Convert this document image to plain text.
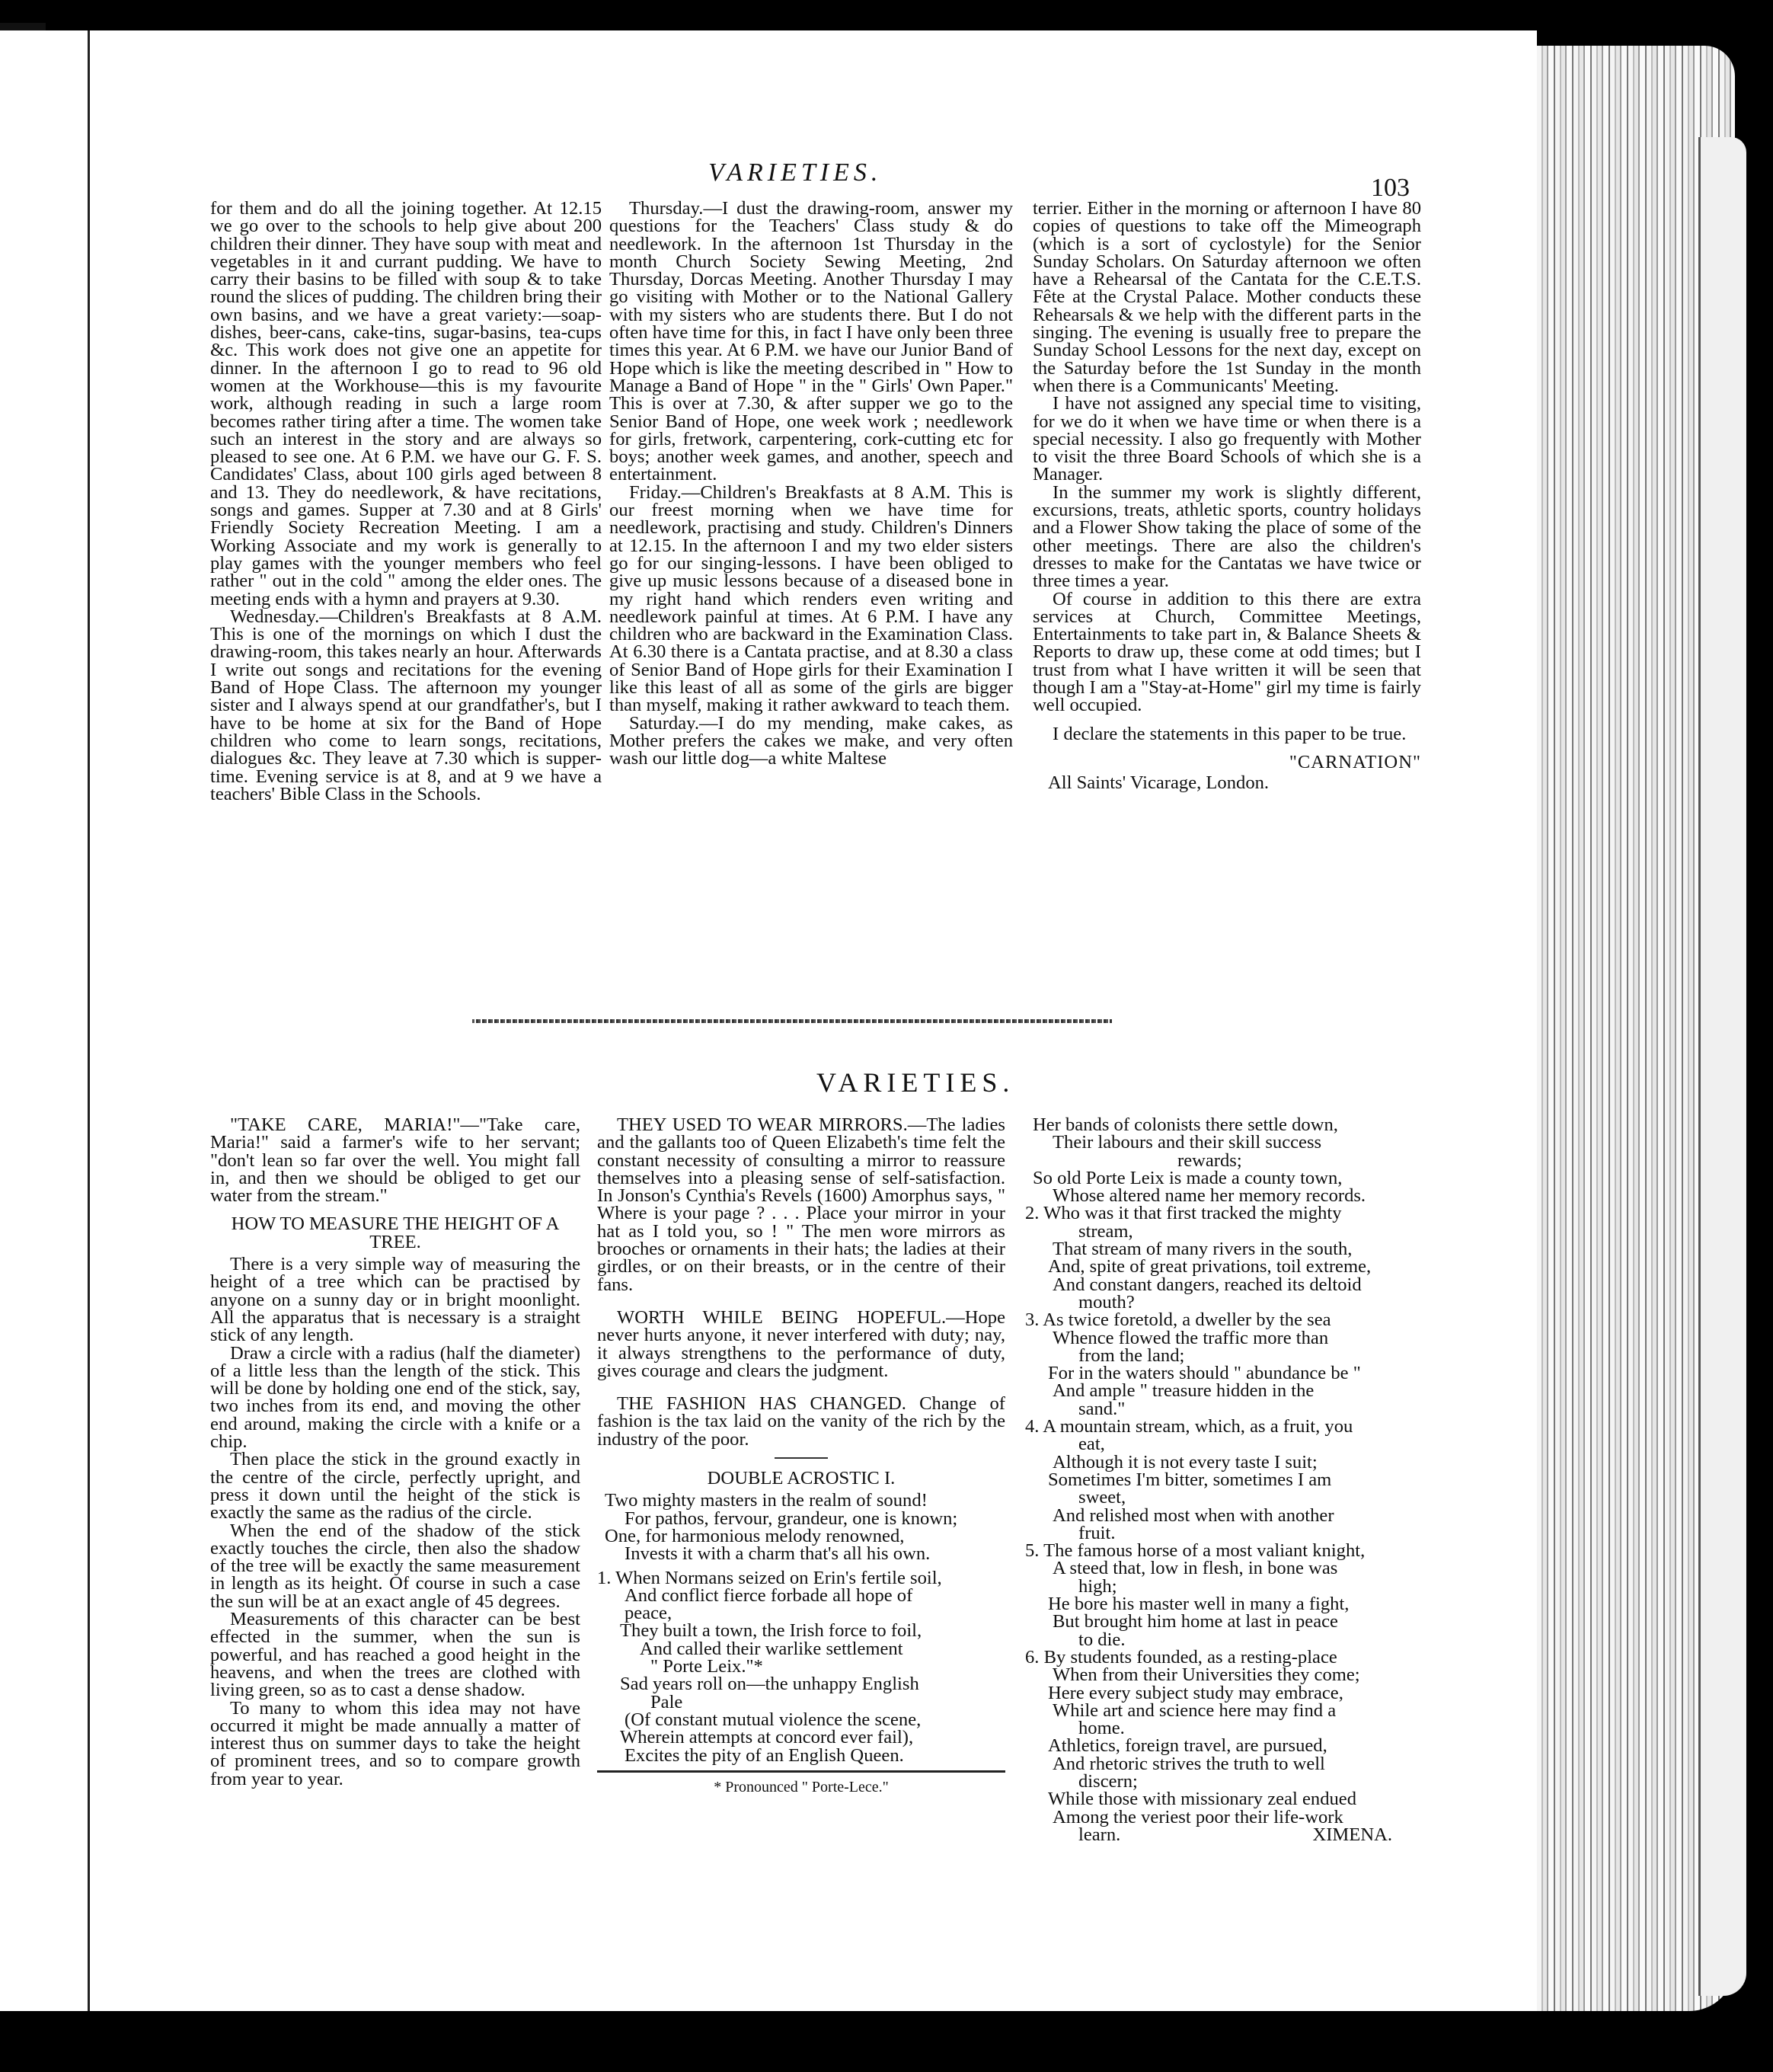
VARIETIES.
103

for them and do all the joining together. At 12.15 we go over to the schools to help give about 200 children their dinner. They have soup with meat and vegetables in it and currant pudding. We have to carry their basins to be filled with soup & to take round the slices of pudding. The children bring their own basins, and we have a great variety:—soap-dishes, beer-cans, cake-tins, sugar-basins, tea-cups &c. This work does not give one an appetite for dinner. In the afternoon I go to read to 96 old women at the Workhouse—this is my favourite work, although reading in such a large room becomes rather tiring after a time. The women take such an interest in the story and are always so pleased to see one. At 6 P.M. we have our G. F. S. Candidates' Class, about 100 girls aged between 8 and 13. They do needlework, & have recitations, songs and games. Supper at 7.30 and at 8 Girls' Friendly Society Recreation Meeting. I am a Working Associate and my work is generally to play games with the younger members who feel rather " out in the cold " among the elder ones. The meeting ends with a hymn and prayers at 9.30.

Wednesday.—Children's Breakfasts at 8 A.M. This is one of the mornings on which I dust the drawing-room, this takes nearly an hour. Afterwards I write out songs and recitations for the evening Band of Hope Class. The afternoon my younger sister and I always spend at our grandfather's, but I have to be home at six for the Band of Hope children who come to learn songs, recitations, dialogues &c. They leave at 7.30 which is supper-time. Evening service is at 8, and at 9 we have a teachers' Bible Class in the Schools.

Thursday.—I dust the drawing-room, answer my questions for the Teachers' Class study & do needlework. In the afternoon 1st Thursday in the month Church Society Sewing Meeting, 2nd Thursday, Dorcas Meeting. Another Thursday I may go visiting with Mother or to the National Gallery with my sisters who are students there. But I do not often have time for this, in fact I have only been three times this year. At 6 P.M. we have our Junior Band of Hope which is like the meeting described in " How to Manage a Band of Hope " in the " Girls' Own Paper." This is over at 7.30, & after supper we go to the Senior Band of Hope, one week work ; needlework for girls, fretwork, carpentering, cork-cutting etc for boys; another week games, and another, speech and entertainment.

Friday.—Children's Breakfasts at 8 A.M. This is our freest morning when we have time for needlework, practising and study. Children's Dinners at 12.15. In the afternoon I and my two elder sisters go for our singing-lessons. I have been obliged to give up music lessons because of a diseased bone in my right hand which renders even writing and needlework painful at times. At 6 P.M. I have any children who are backward in the Examination Class. At 6.30 there is a Cantata practise, and at 8.30 a class of Senior Band of Hope girls for their Examination I like this least of all as some of the girls are bigger than myself, making it rather awkward to teach them.

Saturday.—I do my mending, make cakes, as Mother prefers the cakes we make, and very often wash our little dog—a white Maltese

terrier. Either in the morning or afternoon I have 80 copies of questions to take off the Mimeograph (which is a sort of cyclostyle) for the Senior Sunday Scholars. On Saturday afternoon we often have a Rehearsal of the Cantata for the C.E.T.S. Fête at the Crystal Palace. Mother conducts these Rehearsals & we help with the different parts in the singing. The evening is usually free to prepare the Sunday School Lessons for the next day, except on the Saturday before the 1st Sunday in the month when there is a Communicants' Meeting.

I have not assigned any special time to visiting, for we do it when we have time or when there is a special necessity. I also go frequently with Mother to visit the three Board Schools of which she is a Manager.

In the summer my work is slightly different, excursions, treats, athletic sports, country holidays and a Flower Show taking the place of some of the other meetings. There are also the children's dresses to make for the Cantatas we have twice or three times a year.

Of course in addition to this there are extra services at Church, Committee Meetings, Entertainments to take part in, & Balance Sheets & Reports to draw up, these come at odd times; but I trust from what I have written it will be seen that though I am a "Stay-at-Home" girl my time is fairly well occupied.

I declare the statements in this paper to be true.

"CARNATION"
All Saints' Vicarage, London.
VARIETIES.

"TAKE CARE, MARIA!"—"Take care, Maria!" said a farmer's wife to her servant; "don't lean so far over the well. You might fall in, and then we should be obliged to get our water from the stream."

HOW TO MEASURE THE HEIGHT OF A TREE.

There is a very simple way of measuring the height of a tree which can be practised by anyone on a sunny day or in bright moonlight. All the apparatus that is necessary is a straight stick of any length.

Draw a circle with a radius (half the diameter) of a little less than the length of the stick. This will be done by holding one end of the stick, say, two inches from its end, and moving the other end around, making the circle with a knife or a chip.

Then place the stick in the ground exactly in the centre of the circle, perfectly upright, and press it down until the height of the stick is exactly the same as the radius of the circle.

When the end of the shadow of the stick exactly touches the circle, then also the shadow of the tree will be exactly the same measurement in length as its height. Of course in such a case the sun will be at an exact angle of 45 degrees.

Measurements of this character can be best effected in the summer, when the sun is powerful, and has reached a good height in the heavens, and when the trees are clothed with living green, so as to cast a dense shadow.

To many to whom this idea may not have occurred it might be made annually a matter of interest thus on summer days to take the height of prominent trees, and so to compare growth from year to year.

THEY USED TO WEAR MIRRORS.—The ladies and the gallants too of Queen Elizabeth's time felt the constant necessity of consulting a mirror to reassure themselves into a pleasing sense of self-satisfaction. In Jonson's Cynthia's Revels (1600) Amorphus says, " Where is your page ? . . . Place your mirror in your hat as I told you, so ! " The men wore mirrors as brooches or ornaments in their hats; the ladies at their girdles, or on their breasts, or in the centre of their fans.

WORTH WHILE BEING HOPEFUL.—Hope never hurts anyone, it never interfered with duty; nay, it always strengthens to the performance of duty, gives courage and clears the judgment.

THE FASHION HAS CHANGED. Change of fashion is the tax laid on the vanity of the rich by the industry of the poor.

DOUBLE ACROSTIC I.
Two mighty masters in the realm of sound!
For pathos, fervour, grandeur, one is known;
One, for harmonious melody renowned,
Invests it with a charm that's all his own.
1. When Normans seized on Erin's fertile soil,
And conflict fierce forbade all hope of
peace,
They built a town, the Irish force to foil,
And called their warlike settlement
" Porte Leix."*
Sad years roll on—the unhappy English
Pale
(Of constant mutual violence the scene,
Wherein attempts at concord ever fail),
Excites the pity of an English Queen.
* Pronounced " Porte-Lece."
Her bands of colonists there settle down,
Their labours and their skill success
rewards;
So old Porte Leix is made a county town,
Whose altered name her memory records.
2. Who was it that first tracked the mighty
stream,
That stream of many rivers in the south,
And, spite of great privations, toil extreme,
And constant dangers, reached its deltoid
mouth?
3. As twice foretold, a dweller by the sea
Whence flowed the traffic more than
from the land;
For in the waters should " abundance be "
And ample " treasure hidden in the
sand."
4. A mountain stream, which, as a fruit, you
eat,
Although it is not every taste I suit;
Sometimes I'm bitter, sometimes I am
sweet,
And relished most when with another
fruit.
5. The famous horse of a most valiant knight,
A steed that, low in flesh, in bone was
high;
He bore his master well in many a fight,
But brought him home at last in peace
to die.
6. By students founded, as a resting-place
When from their Universities they come;
Here every subject study may embrace,
While art and science here may find a
home.
Athletics, foreign travel, are pursued,
And rhetoric strives the truth to well
discern;
While those with missionary zeal endued
Among the veriest poor their life-work
learn.	XIMENA.
